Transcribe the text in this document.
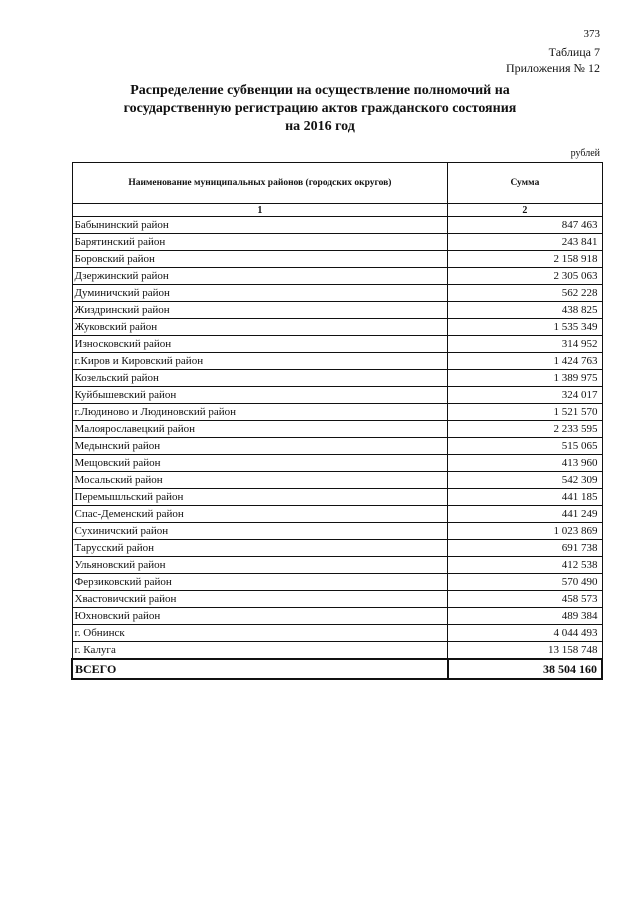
373
Таблица 7
Приложения № 12
Распределение субвенции на осуществление полномочий на
государственную регистрацию актов гражданского состояния
на 2016 год
рублей
Наименование муниципальных районов (городских округов)	Сумма
1	2
Бабынинский район	847 463
Барятинский район	243 841
Боровский район	2 158 918
Дзержинский район	2 305 063
Думиничский район	562 228
Жиздринский район	438 825
Жуковский район	1 535 349
Износковский район	314 952
г.Киров и Кировский район	1 424 763
Козельский район	1 389 975
Куйбышевский район	324 017
г.Людиново и Людиновский район	1 521 570
Малоярославецкий район	2 233 595
Медынский район	515 065
Мещовский район	413 960
Мосальский район	542 309
Перемышльский район	441 185
Спас-Деменский район	441 249
Сухиничский район	1 023 869
Тарусский район	691 738
Ульяновский район	412 538
Ферзиковский район	570 490
Хвастовичский район	458 573
Юхновский район	489 384
г. Обнинск	4 044 493
г. Калуга	13 158 748
ВСЕГО	38 504 160
